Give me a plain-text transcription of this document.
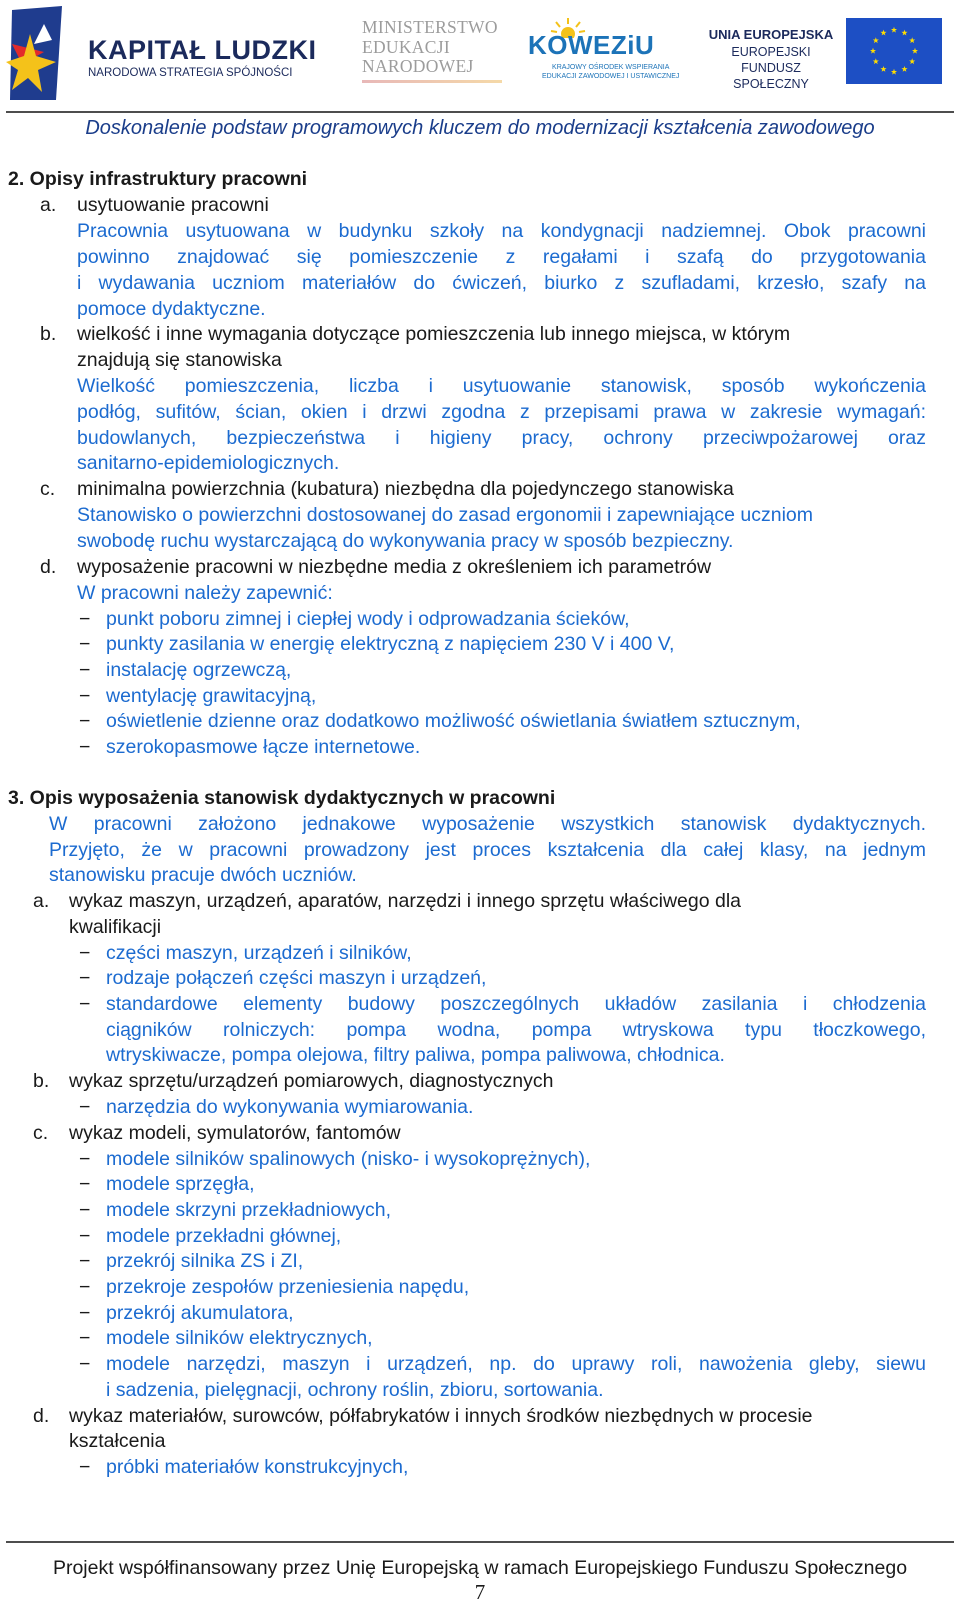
KAPITAŁ LUDZKI
NARODOWA STRATEGIA SPÓJNOŚCI
MINISTERSTWO
EDUKACJI
NARODOWEJ
KOWEZiU
KRAJOWY OŚRODEK WSPIERANIA
EDUKACJI ZAWODOWEJ I USTAWICZNEJ
UNIA EUROPEJSKA
EUROPEJSKI
FUNDUSZ SPOŁECZNY
Doskonalenie podstaw programowych kluczem do modernizacji kształcenia zawodowego
2. Opisy infrastruktury pracowni
a. usytuowanie pracowni
Pracownia usytuowana w budynku szkoły na kondygnacji nadziemnej. Obok pracowni
powinno znajdować się pomieszczenie z regałami i szafą do przygotowania
i wydawania uczniom materiałów do ćwiczeń, biurko z szufladami, krzesło, szafy na
pomoce dydaktyczne.
b. wielkość i inne wymagania dotyczące pomieszczenia lub innego miejsca, w którym
znajdują się stanowiska
Wielkość pomieszczenia, liczba i usytuowanie stanowisk, sposób wykończenia
podłóg, sufitów, ścian, okien i drzwi zgodna z przepisami prawa w zakresie wymagań:
budowlanych, bezpieczeństwa i higieny pracy, ochrony przeciwpożarowej oraz
sanitarno-epidemiologicznych.
c. minimalna powierzchnia (kubatura) niezbędna dla pojedynczego stanowiska
Stanowisko o powierzchni dostosowanej do zasad ergonomii i zapewniające uczniom
swobodę ruchu wystarczającą do wykonywania pracy w sposób bezpieczny.
d. wyposażenie pracowni w niezbędne media z określeniem ich parametrów
W pracowni należy zapewnić:
− punkt poboru zimnej i ciepłej wody i odprowadzania ścieków,
− punkty zasilania w energię elektryczną z napięciem 230 V i 400 V,
− instalację ogrzewczą,
− wentylację grawitacyjną,
− oświetlenie dzienne oraz dodatkowo możliwość oświetlania światłem sztucznym,
− szerokopasmowe łącze internetowe.
3. Opis wyposażenia stanowisk dydaktycznych w pracowni
W pracowni założono jednakowe wyposażenie wszystkich stanowisk dydaktycznych.
Przyjęto, że w pracowni prowadzony jest proces kształcenia dla całej klasy, na jednym
stanowisku pracuje dwóch uczniów.
a. wykaz maszyn, urządzeń, aparatów, narzędzi i innego sprzętu właściwego dla
kwalifikacji
− części maszyn, urządzeń i silników,
− rodzaje połączeń części maszyn i urządzeń,
− standardowe elementy budowy poszczególnych układów zasilania i chłodzenia
ciągników rolniczych: pompa wodna, pompa wtryskowa typu tłoczkowego,
wtryskiwacze, pompa olejowa, filtry paliwa, pompa paliwowa, chłodnica.
b. wykaz sprzętu/urządzeń pomiarowych, diagnostycznych
− narzędzia do wykonywania wymiarowania.
c. wykaz modeli, symulatorów, fantomów
− modele silników spalinowych (nisko- i wysokoprężnych),
− modele sprzęgła,
− modele skrzyni przekładniowych,
− modele przekładni głównej,
− przekrój silnika ZS i ZI,
− przekroje zespołów przeniesienia napędu,
− przekrój akumulatora,
− modele silników elektrycznych,
− modele narzędzi, maszyn i urządzeń, np. do uprawy roli, nawożenia gleby, siewu
i sadzenia, pielęgnacji, ochrony roślin, zbioru, sortowania.
d. wykaz materiałów, surowców, półfabrykatów i innych środków niezbędnych w procesie
kształcenia
− próbki materiałów konstrukcyjnych,
Projekt współfinansowany przez Unię Europejską w ramach Europejskiego Funduszu Społecznego
7
